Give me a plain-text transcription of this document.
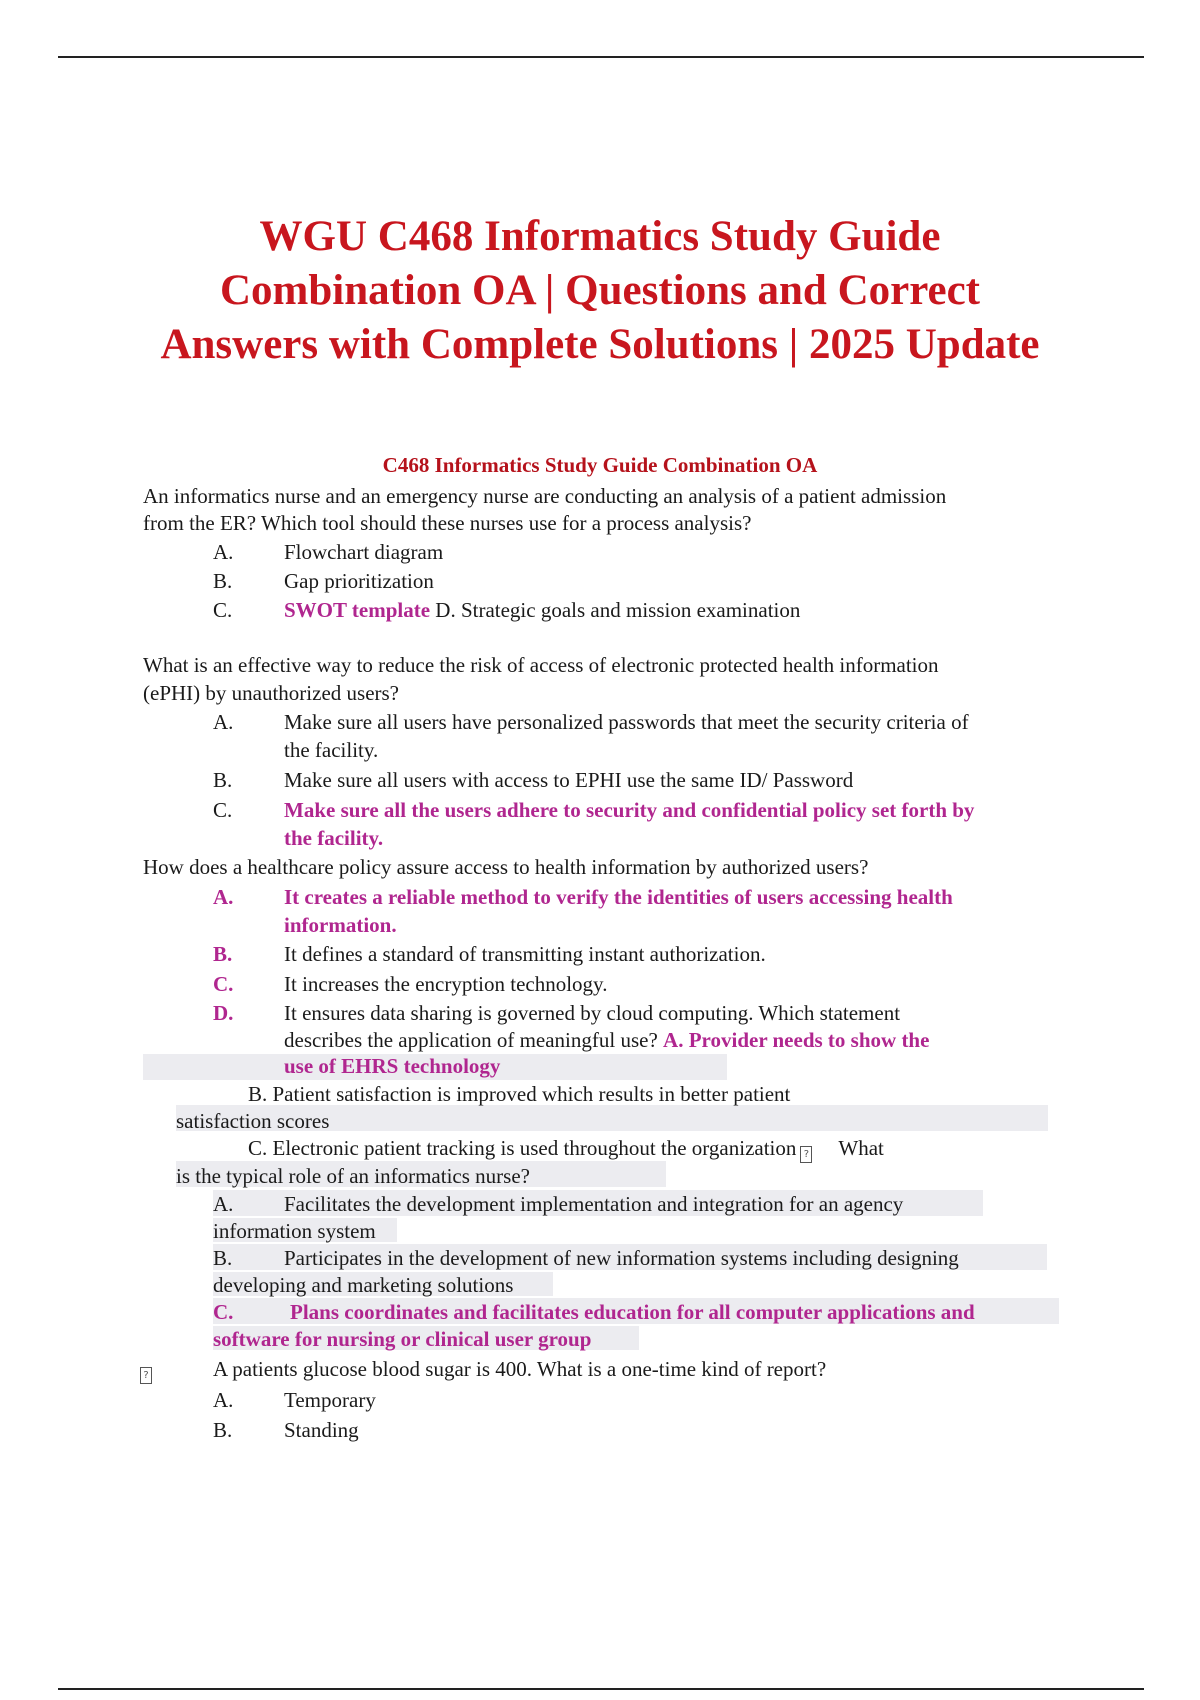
WGU C468 Informatics Study Guide
Combination OA | Questions and Correct
Answers with Complete Solutions | 2025 Update
C468 Informatics Study Guide Combination OA
An informatics nurse and an emergency nurse are conducting an analysis of a patient admission
from the ER? Which tool should these nurses use for a process analysis?
A. Flowchart diagram
B. Gap prioritization
C. SWOT template D. Strategic goals and mission examination
What is an effective way to reduce the risk of access of electronic protected health information
(ePHI) by unauthorized users?
A. Make sure all users have personalized passwords that meet the security criteria of
the facility.
B. Make sure all users with access to EPHI use the same ID/ Password
C. Make sure all the users adhere to security and confidential policy set forth by
the facility.
How does a healthcare policy assure access to health information by authorized users?
A. It creates a reliable method to verify the identities of users accessing health
information.
B. It defines a standard of transmitting instant authorization.
C. It increases the encryption technology.
D. It ensures data sharing is governed by cloud computing. Which statement
describes the application of meaningful use? A. Provider needs to show the
use of EHRS technology
B. Patient satisfaction is improved which results in better patient
satisfaction scores
C. Electronic patient tracking is used throughout the organization ? What
is the typical role of an informatics nurse?
A. Facilitates the development implementation and integration for an agency
information system
B. Participates in the development of new information systems including designing
developing and marketing solutions
C.	Plans coordinates and facilitates education for all computer applications and
software for nursing or clinical user group
?	A patients glucose blood sugar is 400. What is a one-time kind of report?
A. Temporary
B. Standing
